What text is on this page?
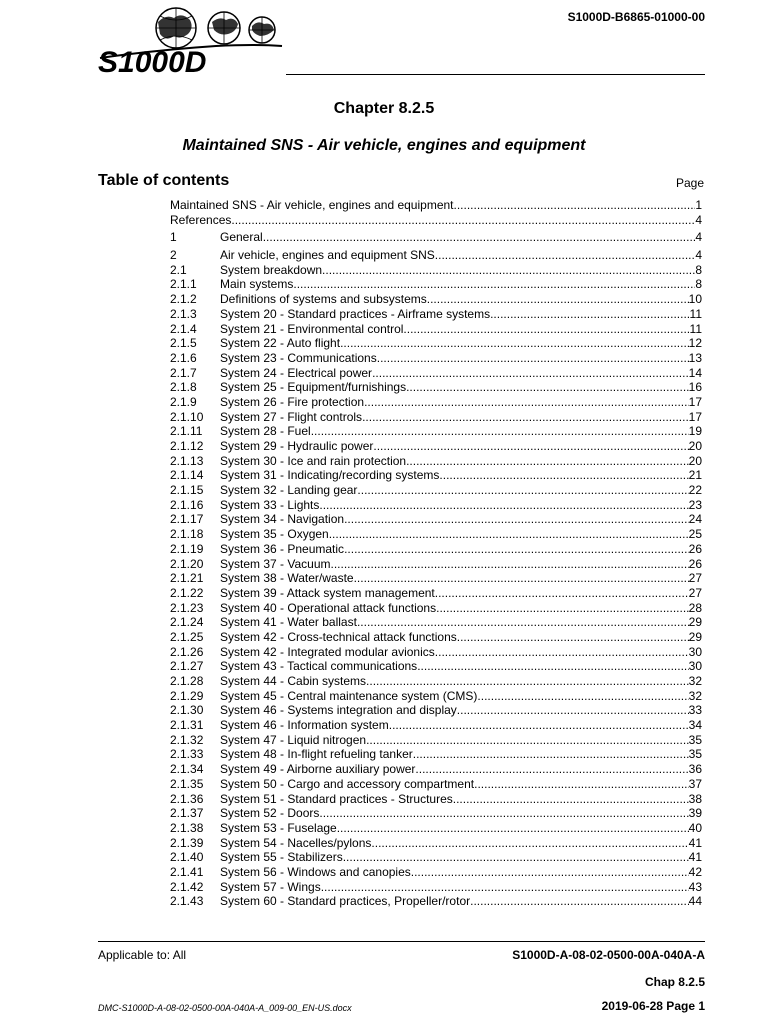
S1000D
S1000D-B6865-01000-00
Chapter 8.2.5
Maintained SNS - Air vehicle, engines and equipment
Table of contents	Page
Maintained SNS - Air vehicle, engines and equipment .....	1
References .....	4
1	General .....	4
2	Air vehicle, engines and equipment SNS .....	4
2.1	System breakdown .....	8
2.1.1	Main systems .....	8
2.1.2	Definitions of systems and subsystems .....	10
2.1.3	System 20 - Standard practices - Airframe systems .....	11
2.1.4	System 21 - Environmental control .....	11
2.1.5	System 22 - Auto flight .....	12
2.1.6	System 23 - Communications .....	13
2.1.7	System 24 - Electrical power .....	14
2.1.8	System 25 - Equipment/furnishings .....	16
2.1.9	System 26 - Fire protection .....	17
2.1.10	System 27 - Flight controls .....	17
2.1.11	System 28 - Fuel .....	19
2.1.12	System 29 - Hydraulic power .....	20
2.1.13	System 30 - Ice and rain protection .....	20
2.1.14	System 31 - Indicating/recording systems .....	21
2.1.15	System 32 - Landing gear .....	22
2.1.16	System 33 - Lights .....	23
2.1.17	System 34 - Navigation .....	24
2.1.18	System 35 - Oxygen .....	25
2.1.19	System 36 - Pneumatic .....	26
2.1.20	System 37 - Vacuum .....	26
2.1.21	System 38 - Water/waste .....	27
2.1.22	System 39 - Attack system management .....	27
2.1.23	System 40 - Operational attack functions .....	28
2.1.24	System 41 - Water ballast .....	29
2.1.25	System 42 - Cross-technical attack functions .....	29
2.1.26	System 42 - Integrated modular avionics .....	30
2.1.27	System 43 - Tactical communications .....	30
2.1.28	System 44 - Cabin systems .....	32
2.1.29	System 45 - Central maintenance system (CMS) .....	32
2.1.30	System 46 - Systems integration and display .....	33
2.1.31	System 46 - Information system .....	34
2.1.32	System 47 - Liquid nitrogen .....	35
2.1.33	System 48 - In-flight refueling tanker .....	35
2.1.34	System 49 - Airborne auxiliary power .....	36
2.1.35	System 50 - Cargo and accessory compartment .....	37
2.1.36	System 51 - Standard practices - Structures .....	38
2.1.37	System 52 - Doors .....	39
2.1.38	System 53 - Fuselage .....	40
2.1.39	System 54 - Nacelles/pylons .....	41
2.1.40	System 55 - Stabilizers .....	41
2.1.41	System 56 - Windows and canopies .....	42
2.1.42	System 57 - Wings .....	43
2.1.43	System 60 - Standard practices, Propeller/rotor .....	44
Applicable to: All	S1000D-A-08-02-0500-00A-040A-A
Chap 8.2.5
DMC-S1000D-A-08-02-0500-00A-040A-A_009-00_EN-US.docx	2019-06-28 Page 1
